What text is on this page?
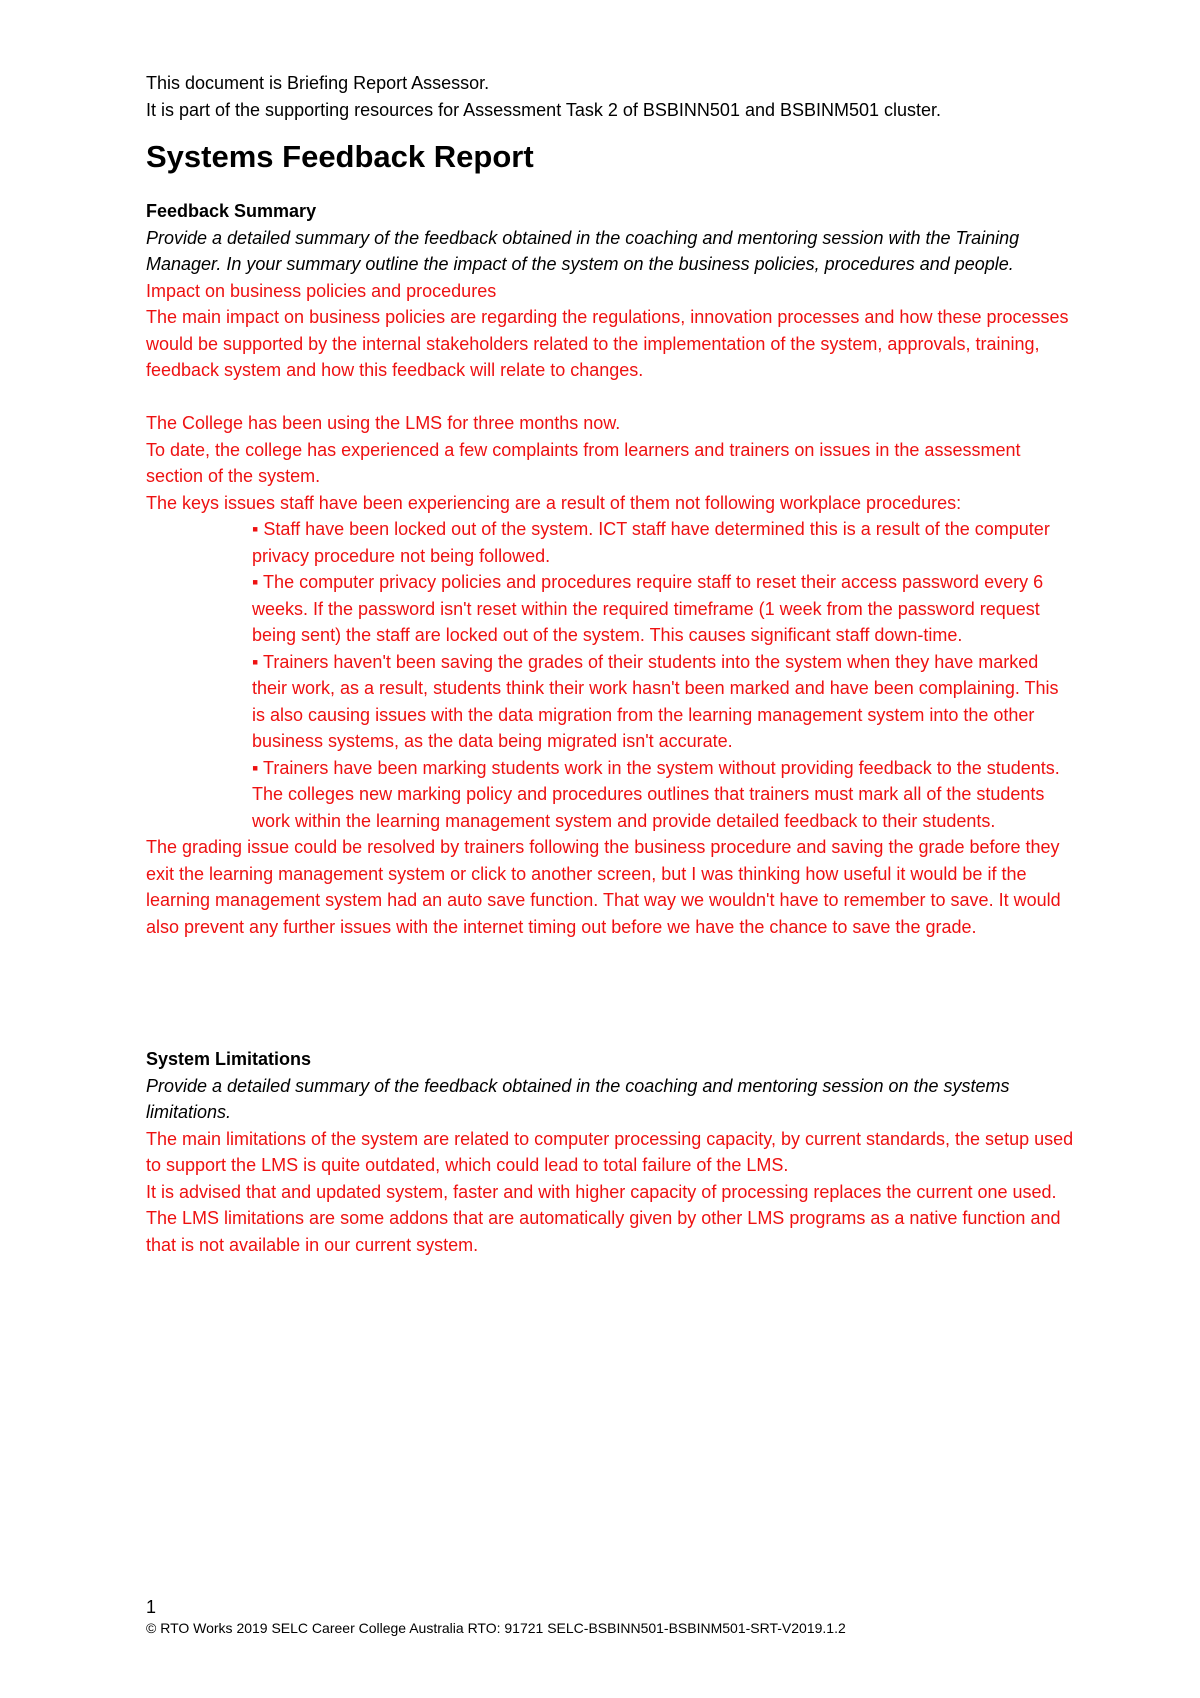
This document is Briefing Report Assessor.

It is part of the supporting resources for Assessment Task 2 of BSBINN501 and BSBINM501 cluster.

Systems Feedback Report

Feedback Summary

Provide a detailed summary of the feedback obtained in the coaching and mentoring session with the Training Manager. In your summary outline the impact of the system on the business policies, procedures and people.

Impact on business policies and procedures

The main impact on business policies are regarding the regulations, innovation processes and how these processes would be supported by the internal stakeholders related to the implementation of the system, approvals, training, feedback system and how this feedback will relate to changes.

The College has been using the LMS for three months now.

To date, the college has experienced a few complaints from learners and trainers on issues in the assessment section of the system.

The keys issues staff have been experiencing are a result of them not following workplace procedures:

▪ Staff have been locked out of the system. ICT staff have determined this is a result of the computer privacy procedure not being followed.

▪ The computer privacy policies and procedures require staff to reset their access password every 6 weeks. If the password isn't reset within the required timeframe (1 week from the password request being sent) the staff are locked out of the system. This causes significant staff down-time.

▪ Trainers haven't been saving the grades of their students into the system when they have marked their work, as a result, students think their work hasn't been marked and have been complaining. This is also causing issues with the data migration from the learning management system into the other business systems, as the data being migrated isn't accurate.

▪ Trainers have been marking students work in the system without providing feedback to the students.

The colleges new marking policy and procedures outlines that trainers must mark all of the students work within the learning management system and provide detailed feedback to their students.

The grading issue could be resolved by trainers following the business procedure and saving the grade before they exit the learning management system or click to another screen, but I was thinking how useful it would be if the learning management system had an auto save function. That way we wouldn't have to remember to save. It would also prevent any further issues with the internet timing out before we have the chance to save the grade.

System Limitations

Provide a detailed summary of the feedback obtained in the coaching and mentoring session on the systems limitations.

The main limitations of the system are related to computer processing capacity, by current standards, the setup used to support the LMS is quite outdated, which could lead to total failure of the LMS.

It is advised that and updated system, faster and with higher capacity of processing replaces the current one used.

The LMS limitations are some addons that are automatically given by other LMS programs as a native function and that is not available in our current system.

1

© RTO Works 2019 SELC Career College Australia RTO: 91721 SELC-BSBINN501-BSBINM501-SRT-V2019.1.2
